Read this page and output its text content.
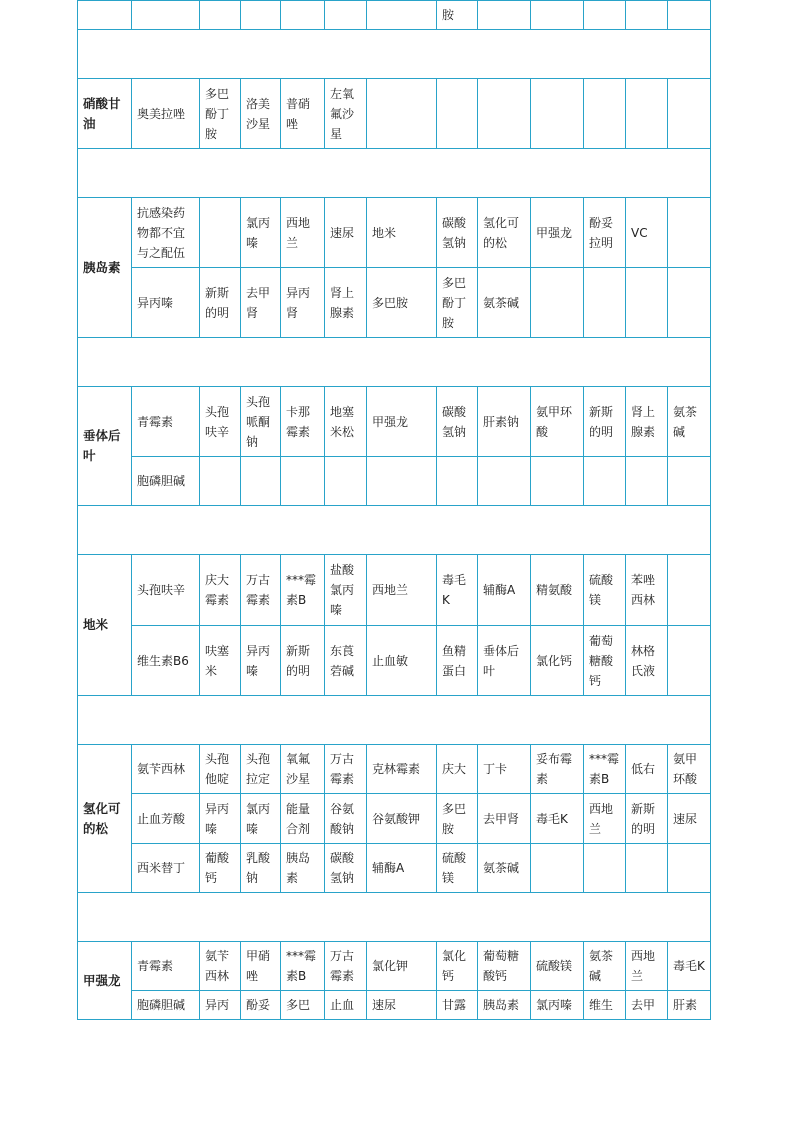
							胺					

硝酸甘油	奥美拉唑	多巴酚丁胺	洛美沙星	普硝唑	左氧氟沙星							

胰岛素	抗感染药物都不宜与之配伍		氯丙嗪	西地兰	速尿	地米	碳酸氢钠	氢化可的松	甲强龙	酚妥拉明	VC	
	异丙嗪	新斯的明	去甲肾	异丙肾	肾上腺素	多巴胺	多巴酚丁胺	氨茶碱				

垂体后叶	青霉素	头孢呋辛	头孢哌酮钠	卡那霉素	地塞米松	甲强龙	碳酸氢钠	肝素钠	氨甲环酸	新斯的明	肾上腺素	氨茶碱
	胞磷胆碱											

地米	头孢呋辛	庆大霉素	万古霉素	***霉素B	盐酸氯丙嗪	西地兰	毒毛K	辅酶A	精氨酸	硫酸镁	苯唑西林	
	维生素B6	呋塞米	异丙嗪	新斯的明	东莨菪碱	止血敏	鱼精蛋白	垂体后叶	氯化钙	葡萄糖酸钙	林格氏液	

氢化可的松	氨苄西林	头孢他啶	头孢拉定	氧氟沙星	万古霉素	克林霉素	庆大	丁卡	妥布霉素	***霉素B	低右	氨甲环酸
	止血芳酸	异丙嗪	氯丙嗪	能量合剂	谷氨酸钠	谷氨酸钾	多巴胺	去甲肾	毒毛K	西地兰	新斯的明	速尿
	西米替丁	葡酸钙	乳酸钠	胰岛素	碳酸氢钠	辅酶A	硫酸镁	氨茶碱				

甲强龙	青霉素	氨苄西林	甲硝唑	***霉素B	万古霉素	氯化钾	氯化钙	葡萄糖酸钙	硫酸镁	氨茶碱	西地兰	毒毛K
	胞磷胆碱	异丙	酚妥	多巴	止血	速尿	甘露	胰岛素	氯丙嗪	维生	去甲	肝素
